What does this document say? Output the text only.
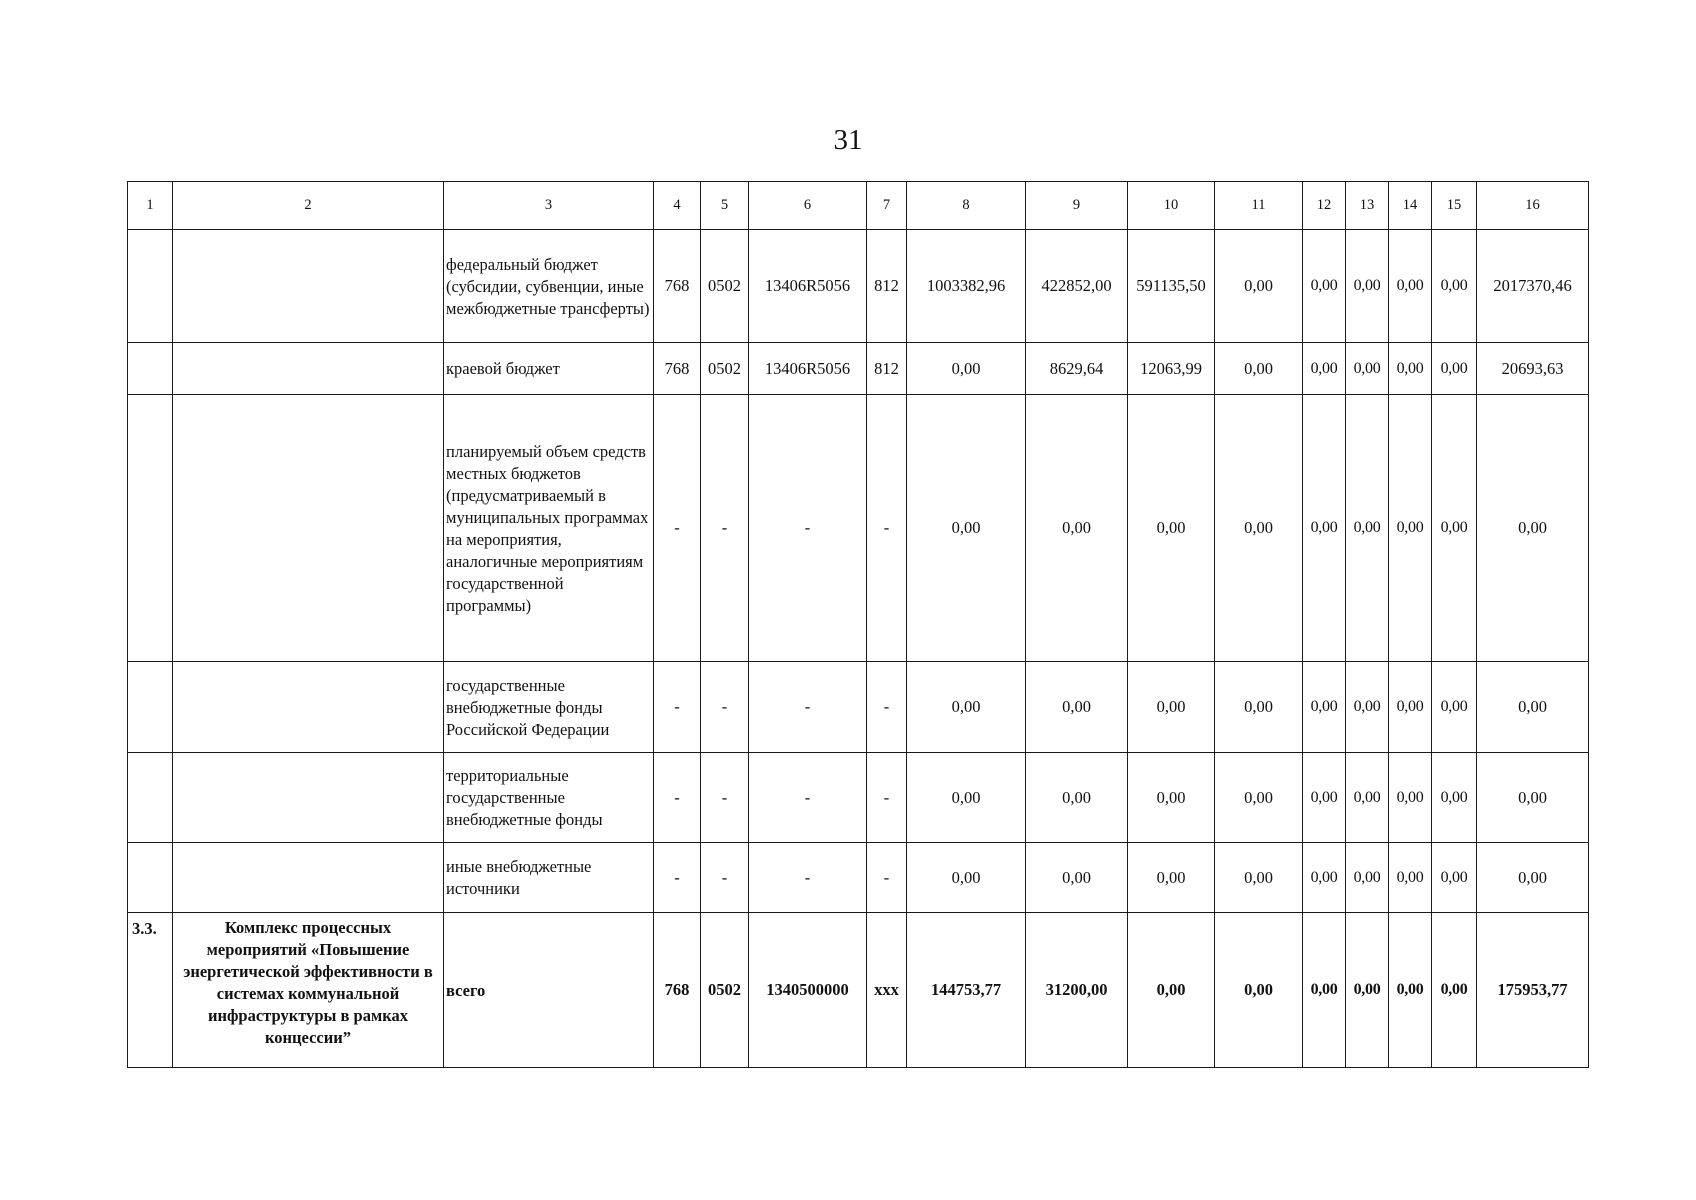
31
1	2	3	4	5	6	7	8	9	10	11	12	13	14	15	16
		федеральный бюджет (субсидии, субвенции, иные межбюджетные трансферты)	768	0502	13406R5056	812	1003382,96	422852,00	591135,50	0,00	0,00	0,00	0,00	0,00	2017370,46
		краевой бюджет	768	0502	13406R5056	812	0,00	8629,64	12063,99	0,00	0,00	0,00	0,00	0,00	20693,63
		планируемый объем средств местных бюджетов (предусматриваемый в муниципальных программах на мероприятия, аналогичные мероприятиям государственной программы)	-	-	-	-	0,00	0,00	0,00	0,00	0,00	0,00	0,00	0,00	0,00
		государственные внебюджетные фонды Российской Федерации	-	-	-	-	0,00	0,00	0,00	0,00	0,00	0,00	0,00	0,00	0,00
		территориальные государственные внебюджетные фонды	-	-	-	-	0,00	0,00	0,00	0,00	0,00	0,00	0,00	0,00	0,00
		иные внебюджетные источники	-	-	-	-	0,00	0,00	0,00	0,00	0,00	0,00	0,00	0,00	0,00
3.3.	Комплекс процессных мероприятий «Повышение энергетической эффективности в системах коммунальной инфраструктуры в рамках концессии”	всего	768	0502	1340500000	ххх	144753,77	31200,00	0,00	0,00	0,00	0,00	0,00	0,00	175953,77
